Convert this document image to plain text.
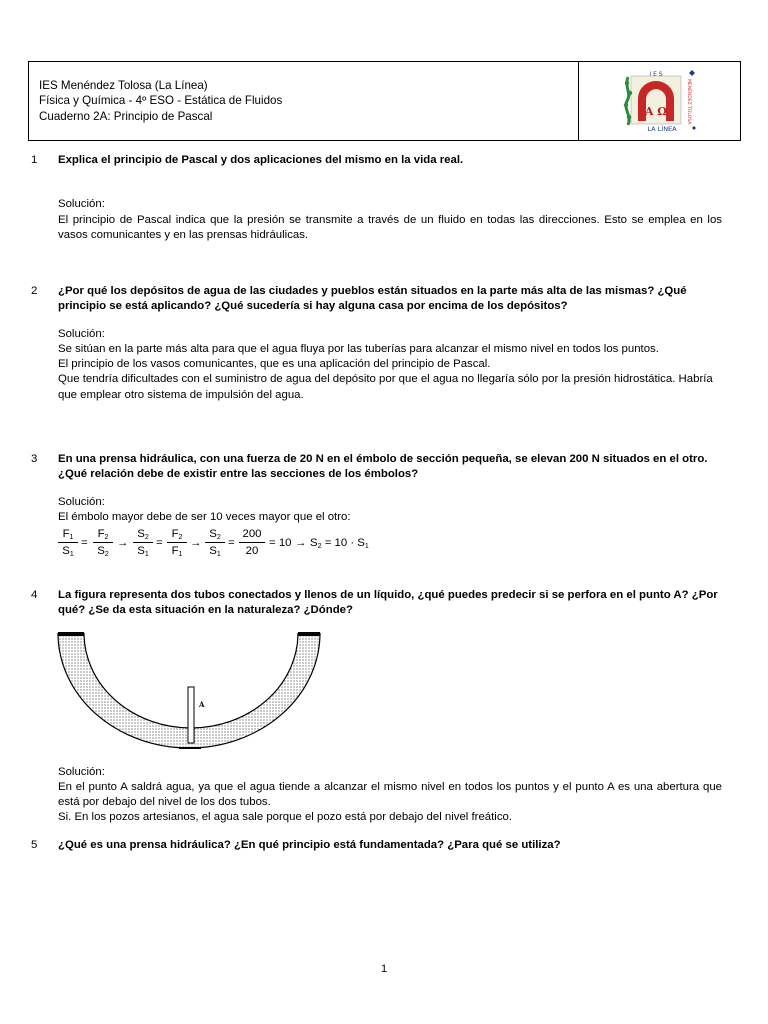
IES Menéndez Tolosa (La Línea)
Física y Química - 4º ESO - Estática de Fluidos
Cuaderno 2A: Principio de Pascal	A Ω
I E S
MENÉNDEZ TOLOSA
LA LÍNEA
1 Explica el principio de Pascal y dos aplicaciones del mismo en la vida real.
Solución:
El principio de Pascal indica que la presión se transmite a través de un fluido en todas las direcciones. Esto se emplea en los vasos comunicantes y en las prensas hidráulicas.
2 ¿Por qué los depósitos de agua de las ciudades y pueblos están situados en la parte más alta de las mismas? ¿Qué principio se está aplicando? ¿Qué sucedería si hay alguna casa por encima de los depósitos?
Solución:
Se sitúan en la parte más alta para que el agua fluya por las tuberías para alcanzar el mismo nivel en todos los puntos.
El principio de los vasos comunicantes, que es una aplicación del principio de Pascal.
Que tendría dificultades con el suministro de agua del depósito por que el agua no llegaría sólo por la presión hidrostática. Habría que emplear otro sistema de impulsión del agua.
3 En una prensa hidráulica, con una fuerza de 20 N en el émbolo de sección pequeña, se elevan 200 N situados en el otro. ¿Qué relación debe de existir entre las secciones de los émbolos?
Solución:
El émbolo mayor debe de ser 10 veces mayor que el otro:
$F_1$
$S_1$
=
$F_2$
$S_2$
→
$S_2$
$S_1$
=
$F_2$
$F_1$
→
$S_2$
$S_1$
=
200
20
= $10 \to S_2 = 10 \cdot S_1$
4 La figura representa dos tubos conectados y llenos de un líquido, ¿qué puedes predecir si se perfora en el punto A? ¿Por qué? ¿Se da esta situación en la naturaleza? ¿Dónde?
A
Solución:
En el punto A saldrá agua, ya que el agua tiende a alcanzar el mismo nivel en todos los puntos y el punto A es una abertura que está por debajo del nivel de los dos tubos.
Si. En los pozos artesianos, el agua sale porque el pozo está por debajo del nivel freático.
5 ¿Qué es una prensa hidráulica? ¿En qué principio está fundamentada? ¿Para qué se utiliza?
1
